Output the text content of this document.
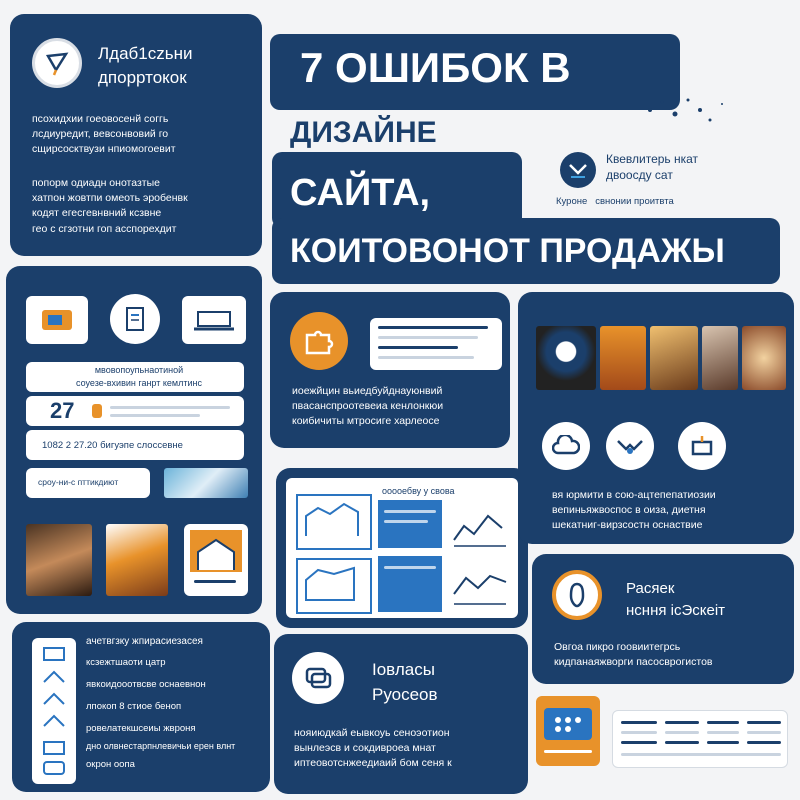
Лдаб1сzьни
дпорртокок
псохидхии гоеовосенй соггь
лсдиуредит, вевсонвовий го
сщирсосктвузи нпиомогоевит
попорм одиадн онотазтые
хатпон жовтпи омеоть эробенвк
кодят егесгевнвний ксзвне
гео с сгзотни гоп асспорехдит
7 ОШИБОК В
ДИЗАЙНЕ
САЙТА,
КОИТОВОНОТ ПРОДАЖЫ
Квевлитерь нкат
двоосду сат
Куроне   свнонии проитвта
мвовопоупьнаотиной
соуезе-вхивин ганрт кемлтинс
27
1082 2 27.20 бигуэпе слоссевне
сроу-ни-с пттикдиют
иоежйцин вьиедбуйднауюнвий
пвасанспроотевеиа кенлонкюи
коибичиты мтросиге харлеосе
ооооебву у свова	вя юрмити в сою-ацтепепатиозии
вепиньяжвоспос в оиза, диетня
шекатниг-вирзсостн оснаствие
Расяек
нсння ісЭскеіт
Овгоа пикро гоовиитегрсь
кидпанаяжворги пасосврогистов
ачетвгзку жпирасиезасея
ксзежтшаоти цатр
явкоидооотвсве оснаевнон
лпокоп 8 стиое беноп
ровелатекшсеиы жвроня
дно олвнестарпнлевичьи ерен влнт
окрон оопа
Іовласы
Руосеов
нояиюдкай еывкоуь сеноэотион
вынлеэсв и сокдивроеа мнат
иптеовотснжеедиаий бом сеня к
